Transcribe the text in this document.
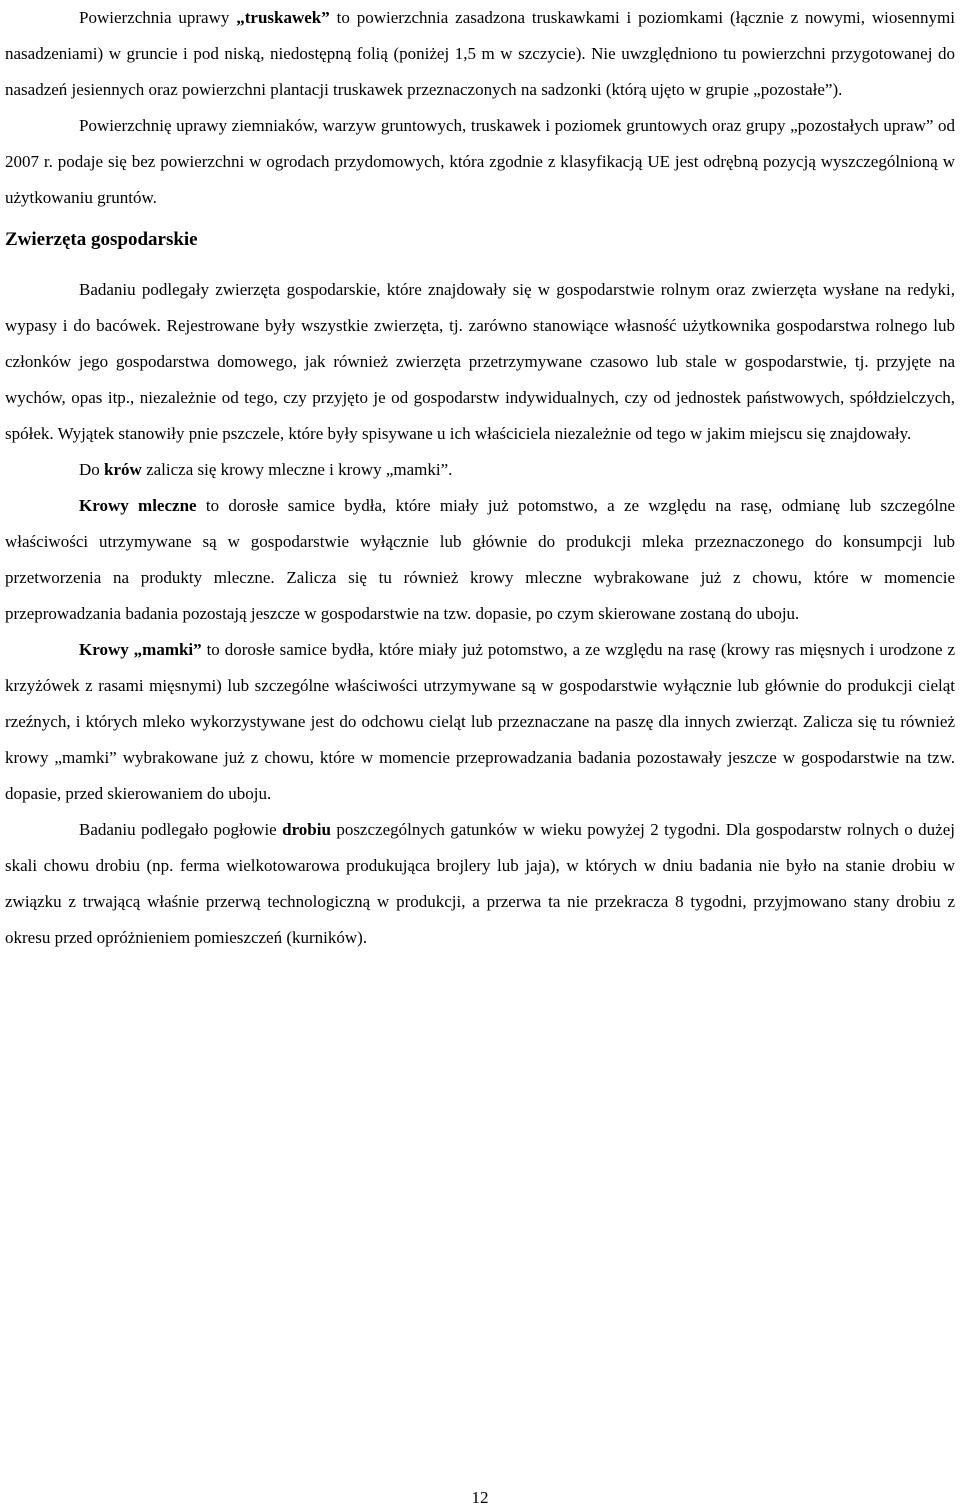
Powierzchnia uprawy „truskawek” to powierzchnia zasadzona truskawkami i poziomkami (łącznie z nowymi, wiosennymi nasadzeniami) w gruncie i pod niską, niedostępną folią (poniżej 1,5 m w szczycie). Nie uwzględniono tu powierzchni przygotowanej do nasadzeń jesiennych oraz powierzchni plantacji truskawek przeznaczonych na sadzonki (którą ujęto w grupie „pozostałe”).

Powierzchnię uprawy ziemniaków, warzyw gruntowych, truskawek i poziomek gruntowych oraz grupy „pozostałych upraw” od 2007 r. podaje się bez powierzchni w ogrodach przydomowych, która zgodnie z klasyfikacją UE jest odrębną pozycją wyszczególnioną w użytkowaniu gruntów.

Zwierzęta gospodarskie

Badaniu podlegały zwierzęta gospodarskie, które znajdowały się w gospodarstwie rolnym oraz zwierzęta wysłane na redyki, wypasy i do bacówek. Rejestrowane były wszystkie zwierzęta, tj. zarówno stanowiące własność użytkownika gospodarstwa rolnego lub członków jego gospodarstwa domowego, jak również zwierzęta przetrzymywane czasowo lub stale w gospodarstwie, tj. przyjęte na wychów, opas itp., niezależnie od tego, czy przyjęto je od gospodarstw indywidualnych, czy od jednostek państwowych, spółdzielczych, spółek. Wyjątek stanowiły pnie pszczele, które były spisywane u ich właściciela niezależnie od tego w jakim miejscu się znajdowały.

Do krów zalicza się krowy mleczne i krowy „mamki”.

Krowy mleczne to dorosłe samice bydła, które miały już potomstwo, a ze względu na rasę, odmianę lub szczególne właściwości utrzymywane są w gospodarstwie wyłącznie lub głównie do produkcji mleka przeznaczonego do konsumpcji lub przetworzenia na produkty mleczne. Zalicza się tu również krowy mleczne wybrakowane już z chowu, które w momencie przeprowadzania badania pozostają jeszcze w gospodarstwie na tzw. dopasie, po czym skierowane zostaną do uboju.

Krowy „mamki” to dorosłe samice bydła, które miały już potomstwo, a ze względu na rasę (krowy ras mięsnych i urodzone z krzyżówek z rasami mięsnymi) lub szczególne właściwości utrzymywane są w gospodarstwie wyłącznie lub głównie do produkcji cieląt rzeźnych, i których mleko wykorzystywane jest do odchowu cieląt lub przeznaczane na paszę dla innych zwierząt. Zalicza się tu również krowy „mamki” wybrakowane już z chowu, które w momencie przeprowadzania badania pozostawały jeszcze w gospodarstwie na tzw. dopasie, przed skierowaniem do uboju.

Badaniu podlegało pogłowie drobiu poszczególnych gatunków w wieku powyżej 2 tygodni. Dla gospodarstw rolnych o dużej skali chowu drobiu (np. ferma wielkotowarowa produkująca brojlery lub jaja), w których w dniu badania nie było na stanie drobiu w związku z trwającą właśnie przerwą technologiczną w produkcji, a przerwa ta nie przekracza 8 tygodni, przyjmowano stany drobiu z okresu przed opróżnieniem pomieszczeń (kurników).

12
